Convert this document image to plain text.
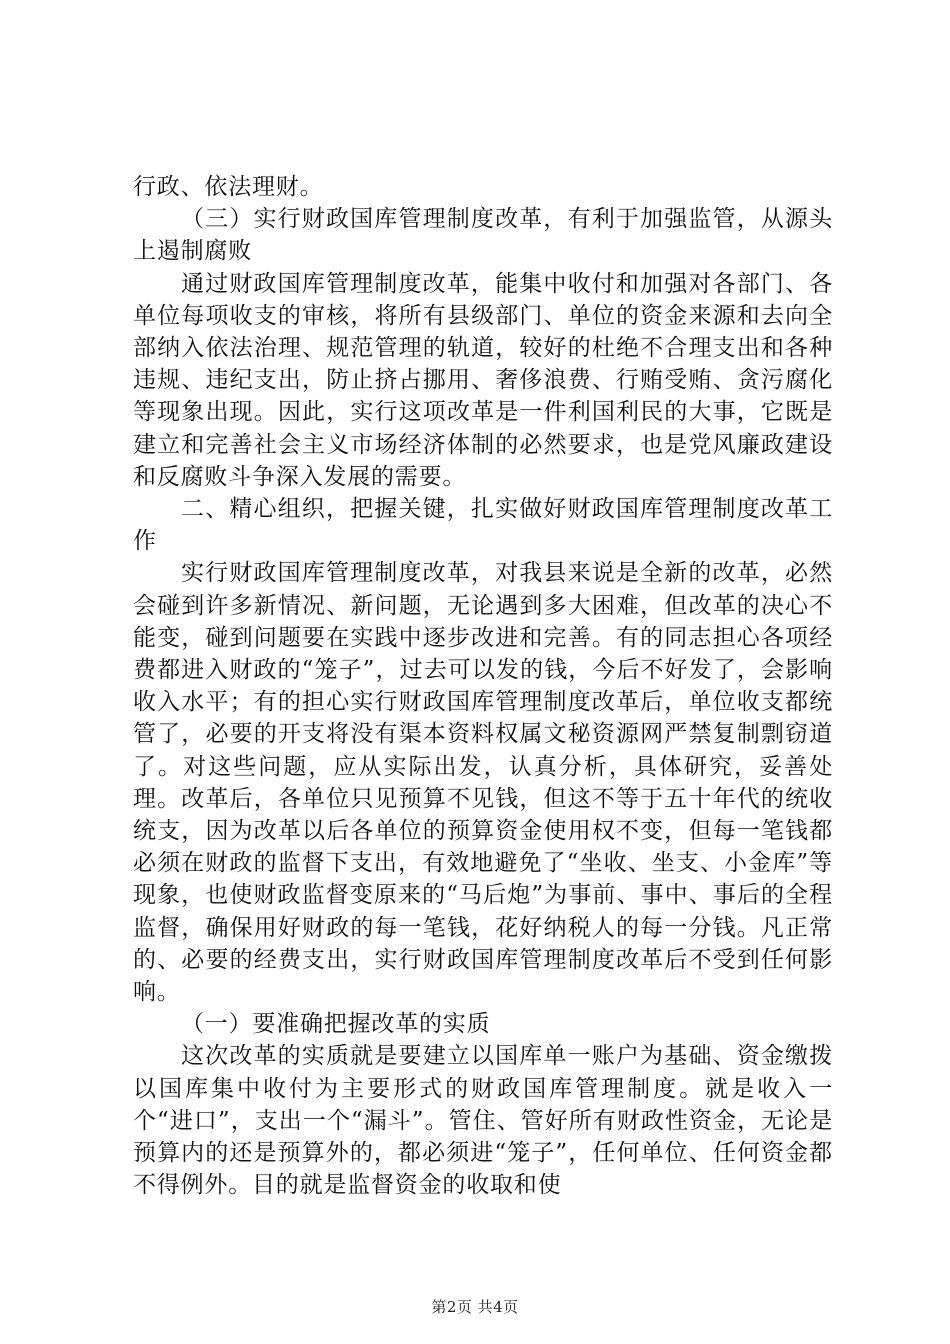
行政、依法理财。

（三）实行财政国库管理制度改革，有利于加强监管，从源头上遏制腐败

通过财政国库管理制度改革，能集中收付和加强对各部门、各单位每项收支的审核，将所有县级部门、单位的资金来源和去向全部纳入依法治理、规范管理的轨道，较好的杜绝不合理支出和各种违规、违纪支出，防止挤占挪用、奢侈浪费、行贿受贿、贪污腐化等现象出现。因此，实行这项改革是一件利国利民的大事，它既是建立和完善社会主义市场经济体制的必然要求，也是党风廉政建设和反腐败斗争深入发展的需要。

二、精心组织，把握关键，扎实做好财政国库管理制度改革工作

实行财政国库管理制度改革，对我县来说是全新的改革，必然会碰到许多新情况、新问题，无论遇到多大困难，但改革的决心不能变，碰到问题要在实践中逐步改进和完善。有的同志担心各项经费都进入财政的“笼子”，过去可以发的钱，今后不好发了，会影响收入水平；有的担心实行财政国库管理制度改革后，单位收支都统管了，必要的开支将没有渠本资料权属文秘资源网严禁复制剽窃道了。对这些问题，应从实际出发，认真分析，具体研究，妥善处理。改革后，各单位只见预算不见钱，但这不等于五十年代的统收统支，因为改革以后各单位的预算资金使用权不变，但每一笔钱都必须在财政的监督下支出，有效地避免了“坐收、坐支、小金库”等现象，也使财政监督变原来的“马后炮”为事前、事中、事后的全程监督，确保用好财政的每一笔钱，花好纳税人的每一分钱。凡正常的、必要的经费支出，实行财政国库管理制度改革后不受到任何影响。

（一）要准确把握改革的实质

这次改革的实质就是要建立以国库单一账户为基础、资金缴拨以国库集中收付为主要形式的财政国库管理制度。就是收入一个“进口”，支出一个“漏斗”。管住、管好所有财政性资金，无论是预算内的还是预算外的，都必须进“笼子”，任何单位、任何资金都不得例外。目的就是监督资金的收取和使

第2页 共4页
